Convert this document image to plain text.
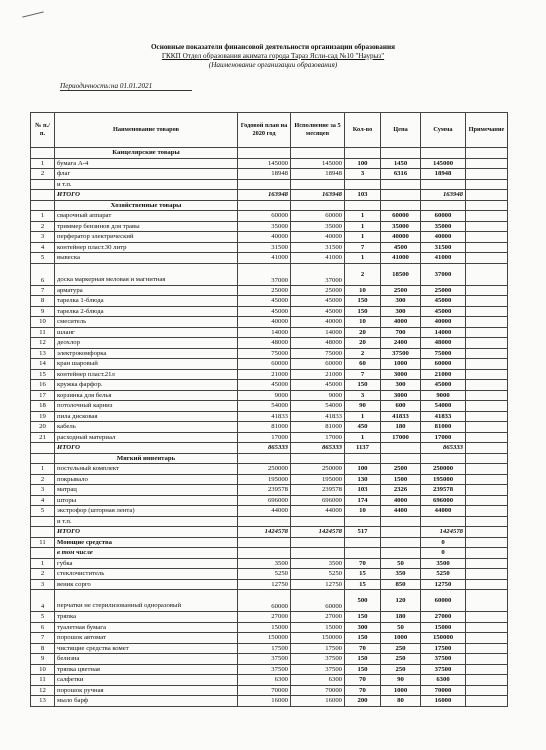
Основные показатели финансовой деятельности организации образования
ГККП Отдел образования акимата города Тараз Ясли-сад №10 "Наурыз"
(Наименование организации образования)
Периодичность:на 01.01.2021
№ п./п.	Наименование товаров	Годовой план на 2020 год	Исполнение за 5 месяцев	Кол-во	Цена	Сумма	Примечание
	Канцелярские товары						
1	бумага А-4	145000	145000	100	1450	145000	
2	флаг	18948	18948	3	6316	18948	
	и т.п.						
	ИТОГО	163948	163948	103		163948	
	Хозяйственные товары						
1	сварочный аппарат	60000	60000	1	60000	60000	
2	триммер бензинов для травы	35000	35000	1	35000	35000	
3	перфератор электрический	40000	40000	1	40000	40000	
4	контейнер пласт.30 литр	31500	31500	7	4500	31500	
5	вывеска	41000	41000	1	41000	41000	
6	доска маркерная меловая и магнитная	37000	37000	2	18500	37000	
7	арматура	25000	25000	10	2500	25000	
8	тарелка 1-блюда	45000	45000	150	300	45000	
9	тарелка 2-блюда	45000	45000	150	300	45000	
10	смеситель	40000	40000	10	4000	40000	
11	шланг	14000	14000	20	700	14000	
12	деохлор	48000	48000	20	2400	48000	
13	электрокомфорка	75000	75000	2	37500	75000	
14	кран шаровый	60000	60000	60	1000	60000	
15	контейнер пласт.21л	21000	21000	7	3000	21000	
16	кружка фарфор.	45000	45000	150	300	45000	
17	корзинка для белья	9000	9000	3	3000	9000	
18	потолочный карниз	54000	54000	90	600	54000	
19	пила дисковая	41833	41833	1	41833	41833	
20	кабель	81000	81000	450	180	81000	
21	расходный материал	17000	17000	1	17000	17000	
	ИТОГО	865333	865333	1137		865333	
	Мягкий инвентарь						
1	постельный комплект	250000	250000	100	2500	250000	
2	покрывало	195000	195000	130	1500	195000	
3	матрац	239578	239578	103	2326	239578	
4	шторы	696000	696000	174	4000	696000	
5	экстрофор (шторная лента)	44000	44000	10	4400	44000	
	и т.п.						
	ИТОГО	1424578	1424578	517		1424578	
11	Моющие средства					0	
	в том числе					0	
1	губка	3500	3500	70	50	3500	
2	стеклочиститель	5250	5250	15	350	5250	
3	веник сорго	12750	12750	15	850	12750	
4	перчатки не стерилизованный одноразовый	60000	60000	500	120	60000	
5	тряпка	27000	27000	150	180	27000	
6	туалетная бумага	15000	15000	300	50	15000	
7	порошок автомат	150000	150000	150	1000	150000	
8	чистящие средства комет	17500	17500	70	250	17500	
9	белизна	37500	37500	150	250	37500	
10	тряпка цветная	37500	37500	150	250	37500	
11	салфетки	6300	6300	70	90	6300	
12	порошок ручная	70000	70000	70	1000	70000	
13	мыло барф	16000	16000	200	80	16000	
